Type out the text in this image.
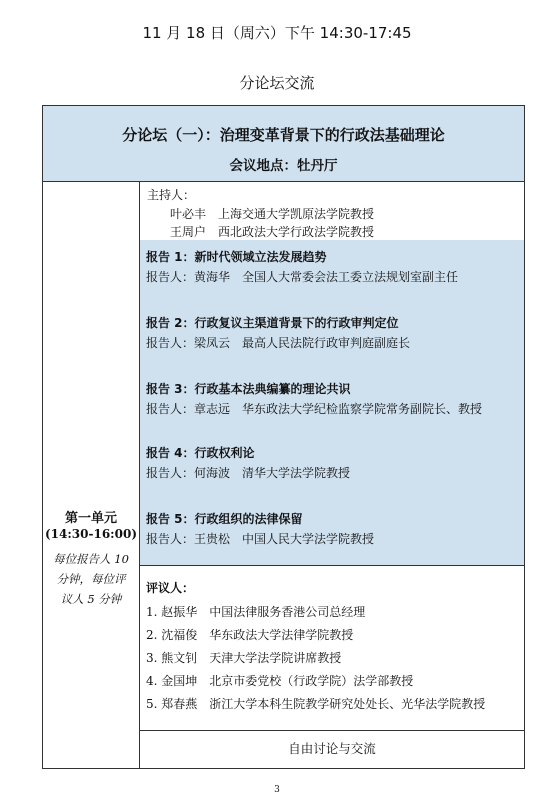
11 月 18 日（周六）下午 14:30-17:45
分论坛交流
分论坛（一）：治理变革背景下的行政法基础理论
会议地点：牡丹厅
第一单元
(14:30-16:00)
每位报告人 10 分钟，每位评议人 5 分钟
主持人：
叶必丰　上海交通大学凯原法学院教授
王周户　西北政法大学行政法学院教授
报告 1：新时代领域立法发展趋势
报告人：黄海华　全国人大常委会法工委立法规划室副主任
报告 2：行政复议主渠道背景下的行政审判定位
报告人：梁凤云　最高人民法院行政审判庭副庭长
报告 3：行政基本法典编纂的理论共识
报告人：章志远　华东政法大学纪检监察学院常务副院长、教授
报告 4：行政权利论
报告人：何海波　清华大学法学院教授
报告 5：行政组织的法律保留
报告人：王贵松　中国人民大学法学院教授
评议人：
1. 赵振华　中国法律服务香港公司总经理
2. 沈福俊　华东政法大学法律学院教授
3. 熊文钊　天津大学法学院讲席教授
4. 金国坤　北京市委党校（行政学院）法学部教授
5. 郑春燕　浙江大学本科生院教学研究处处长、光华法学院教授
自由讨论与交流
3
